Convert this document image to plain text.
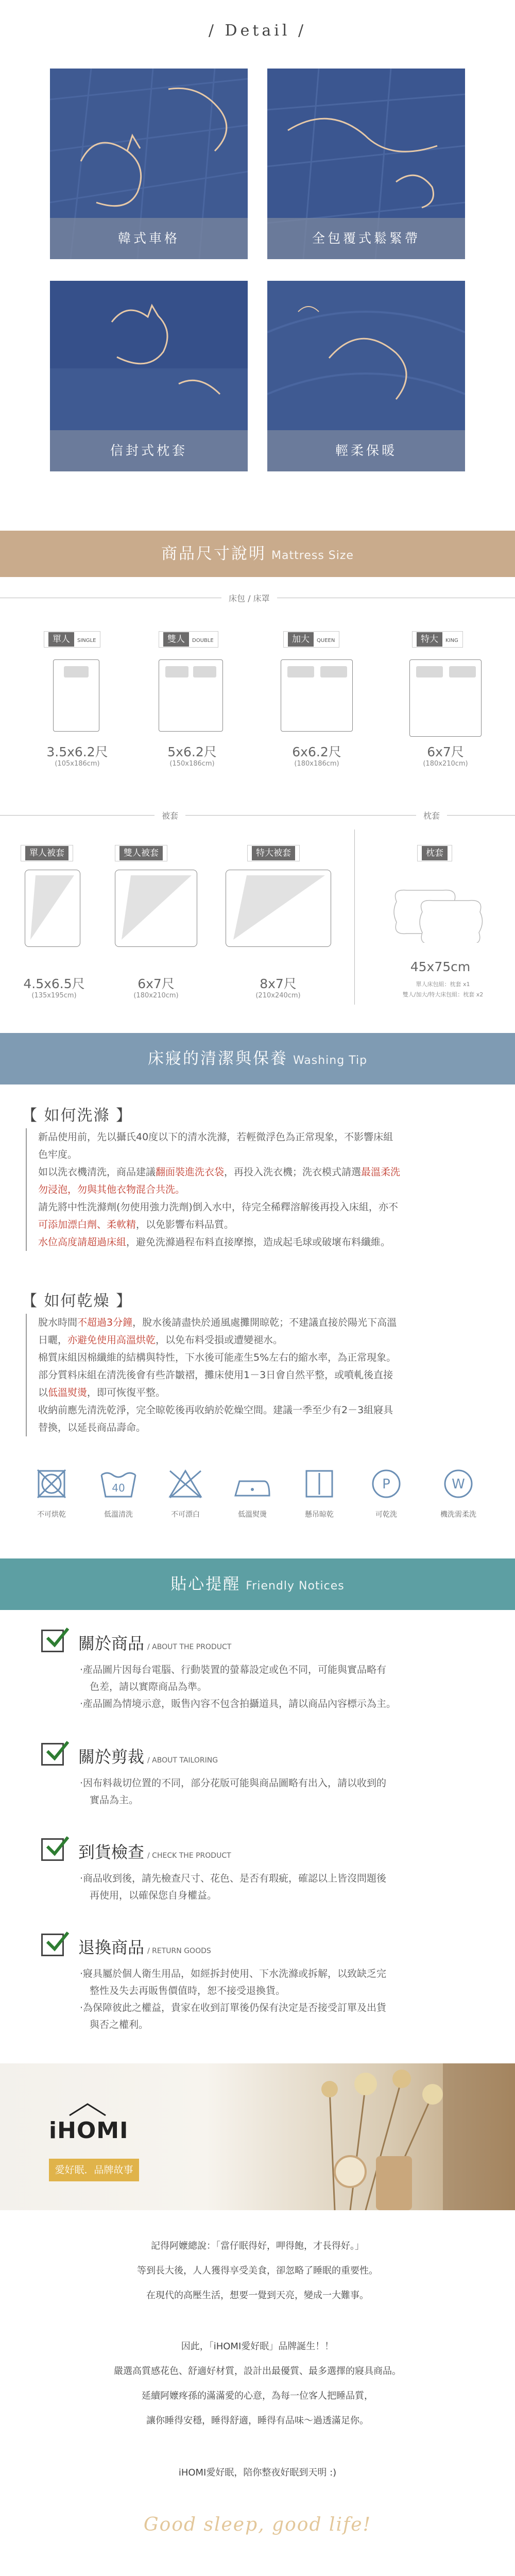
/ Detail /
韓式車格	全包覆式鬆緊帶
信封式枕套	輕柔保暖
商品尺寸說明 Mattress Size
床包 / 床罩
單人 SINGLE
3.5x6.2尺
(105x186cm)
雙人 DOUBLE
5x6.2尺
(150x186cm)
加大 QUEEN
6x6.2尺
(180x186cm)
特大 KING
6x7尺
(180x210cm)
被套	枕套
單人被套
4.5x6.5尺
(135x195cm)
雙人被套
6x7尺
(180x210cm)
特大被套
8x7尺
(210x240cm)
枕套
45x75cm
單人床包組：枕套 x1
雙人/加大/特大床包組：枕套 x2
床寢的清潔與保養 Washing Tip
【 如何洗滌 】
新品使用前，先以攝氏40度以下的清水洗滌，若輕微浮色為正常現象，不影響床組
色牢度。
如以洗衣機清洗，商品建議翻面裝進洗衣袋，再投入洗衣機；洗衣模式請選最溫柔洗
勿浸泡，勿與其他衣物混合共洗。
請先將中性洗滌劑(勿使用強力洗劑)倒入水中，待完全稀釋溶解後再投入床組，亦不
可添加漂白劑、柔軟精，以免影響布料品質。
水位高度請超過床組，避免洗滌過程布料直接摩擦，造成起毛球或破壞布料纖維。
【 如何乾燥 】
脫水時間不超過3分鐘，脫水後請盡快於通風處攤開晾乾；不建議直接於陽光下高溫
日曬，亦避免使用高溫烘乾，以免布料受損或遭變褪水。
棉質床組因棉纖維的結構與特性，下水後可能產生5%左右的縮水率，為正常現象。
部分質料床組在清洗後會有些許皺褶，攤床使用1－3日會自然平整，或噴軋後直接
以低溫熨燙，即可恢復平整。
收納前應先清洗乾淨，完全晾乾後再收納於乾燥空間。建議一季至少有2－3組寢具
替換，以延長商品壽命。
不可烘乾
40
低溫清洗	不可漂白	低溫熨燙	懸吊晾乾
P
可乾洗
W
機洗需柔洗
貼心提醒 Friendly Notices
關於商品 / ABOUT THE PRODUCT
‧產品圖片因每台電腦、行動裝置的螢幕設定或色不同，可能與實品略有
　色差，請以實際商品為準。
‧產品圖為情境示意，販售內容不包含拍攝道具，請以商品內容標示為主。
關於剪裁 / ABOUT TAILORING
‧因布料裁切位置的不同，部分花版可能與商品圖略有出入，請以收到的
　實品為主。
到貨檢查 / CHECK THE PRODUCT
‧商品收到後，請先檢查尺寸、花色、是否有瑕疵，確認以上皆沒問題後
　再使用，以確保您自身權益。
退換商品 / RETURN GOODS
‧寢具屬於個人衛生用品，如經拆封使用、下水洗滌或拆解，以致缺乏完
　整性及失去再販售價值時，恕不接受退換貨。
‧為保障彼此之權益，貴家在收到訂單後仍保有決定是否接受訂單及出貨
　與否之權利。
iHOMI
愛好眠．品牌故事
記得阿嬤總說：「當仔眠得好，呷得飽，才長得好。」
等到長大後，人人獲得享受美食，卻忽略了睡眠的重要性。
在現代的高壓生活，想要一覺到天亮，變成一大難事。
因此，「iHOMI愛好眠」品牌誕生！！
嚴選高質感花色、舒適好材質，設計出最優質、最多選擇的寢具商品。
延續阿嬤疼孫的滿滿愛的心意，為每一位客人把睡品質，
讓你睡得安穩，睡得舒適，睡得有品味～過透滿足你。
iHOMI愛好眠，陪你整夜好眠到天明 :)
Good sleep, good life!
